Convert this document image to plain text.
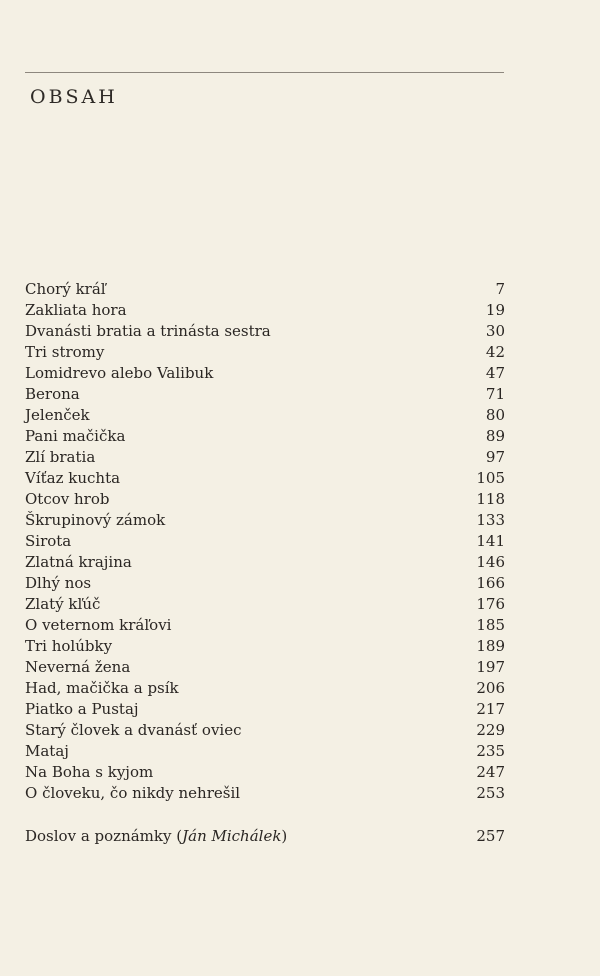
OBSAH
Chorý kráľ	7
Zakliata hora	19
Dvanásti bratia a trinásta sestra	30
Tri stromy	42
Lomidrevo alebo Valibuk	47
Berona	71
Jelenček	80
Pani mačička	89
Zlí bratia	97
Víťaz kuchta	105
Otcov hrob	118
Škrupinový zámok	133
Sirota	141
Zlatná krajina	146
Dlhý nos	166
Zlatý kľúč	176
O veternom kráľovi	185
Tri holúbky	189
Neverná žena	197
Had, mačička a psík	206
Piatko a Pustaj	217
Starý človek a dvanásť oviec	229
Mataj	235
Na Boha s kyjom	247
O človeku, čo nikdy nehrešil	253
Doslov a poznámky (Ján Michálek)	257
